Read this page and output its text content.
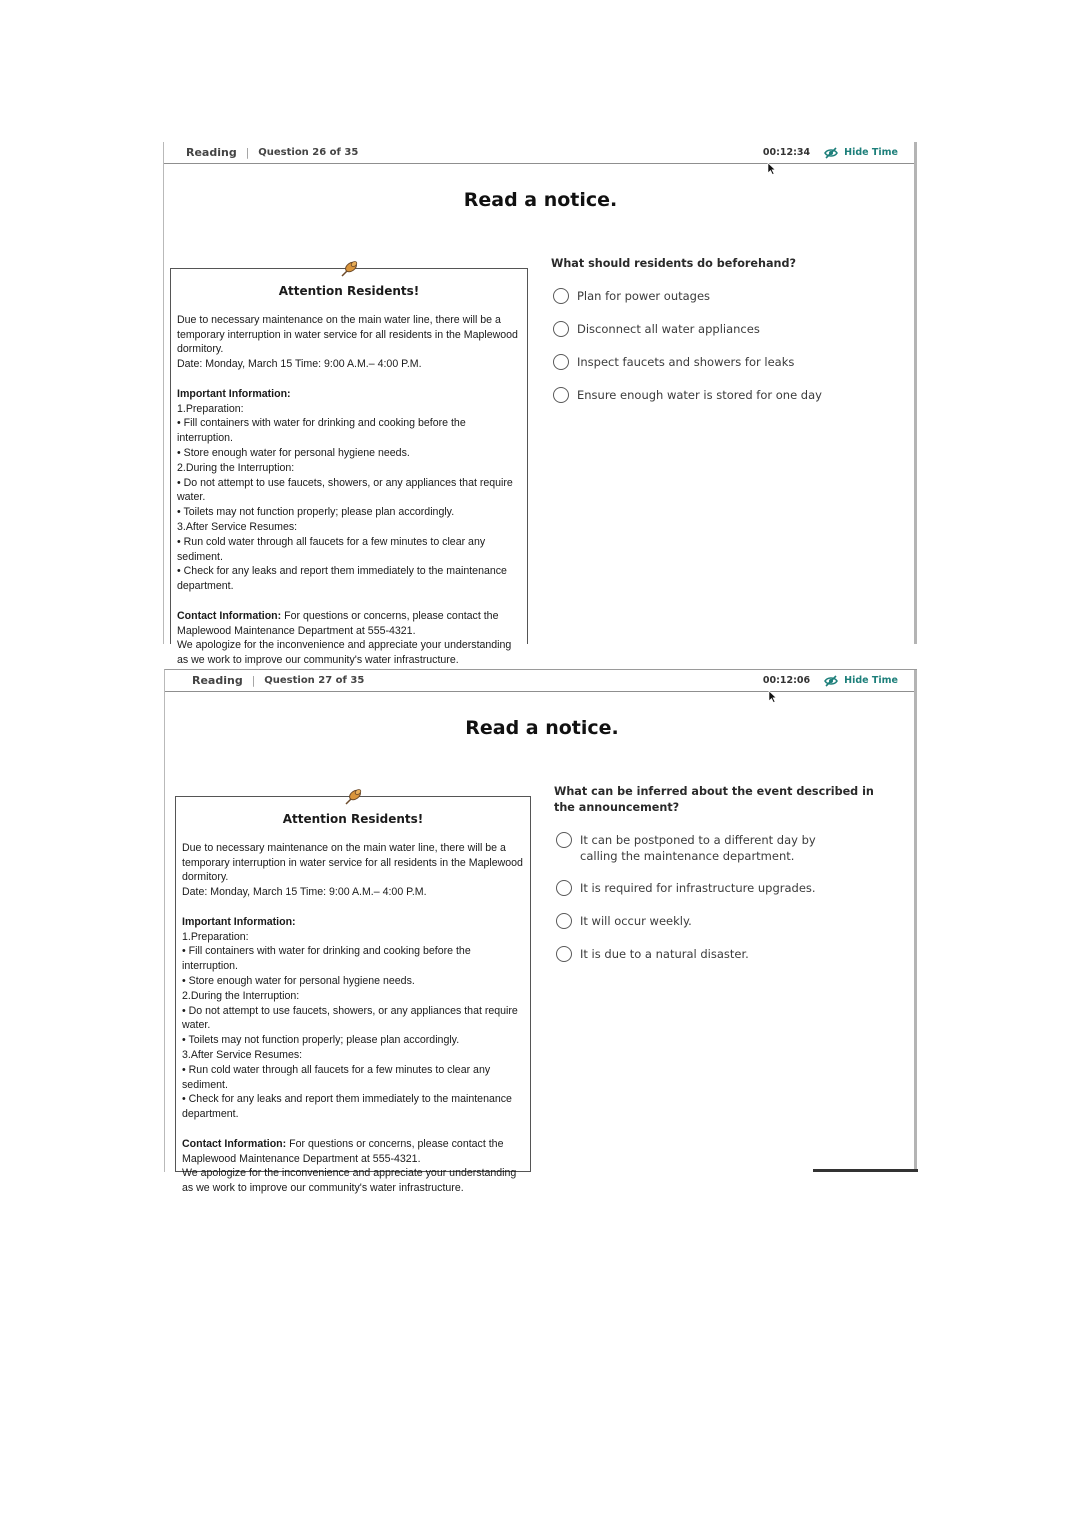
Reading | Question 26 of 35	00:12:34	Hide Time
Read a notice.
Attention Residents!

Due to necessary maintenance on the main water line, there will be a temporary interruption in water service for all residents in the Maplewood dormitory.

Date: Monday, March 15 Time: 9:00 A.M.– 4:00 P.M.

Important Information:

1.Preparation:

• Fill containers with water for drinking and cooking before the interruption.

• Store enough water for personal hygiene needs.

2.During the Interruption:

• Do not attempt to use faucets, showers, or any appliances that require water.

• Toilets may not function properly; please plan accordingly.

3.After Service Resumes:

• Run cold water through all faucets for a few minutes to clear any sediment.

• Check for any leaks and report them immediately to the maintenance department.

Contact Information: For questions or concerns, please contact the Maplewood Maintenance Department at 555-4321.

We apologize for the inconvenience and appreciate your understanding as we work to improve our community's water infrastructure.

What should residents do beforehand?
Plan for power outages
Disconnect all water appliances
Inspect faucets and showers for leaks
Ensure enough water is stored for one day
Reading | Question 27 of 35	00:12:06	Hide Time
Read a notice.
Attention Residents!

Due to necessary maintenance on the main water line, there will be a temporary interruption in water service for all residents in the Maplewood dormitory.

Date: Monday, March 15 Time: 9:00 A.M.– 4:00 P.M.

Important Information:

1.Preparation:

• Fill containers with water for drinking and cooking before the interruption.

• Store enough water for personal hygiene needs.

2.During the Interruption:

• Do not attempt to use faucets, showers, or any appliances that require water.

• Toilets may not function properly; please plan accordingly.

3.After Service Resumes:

• Run cold water through all faucets for a few minutes to clear any sediment.

• Check for any leaks and report them immediately to the maintenance department.

Contact Information: For questions or concerns, please contact the Maplewood Maintenance Department at 555-4321.

We apologize for the inconvenience and appreciate your understanding as we work to improve our community's water infrastructure.

What can be inferred about the event described in the announcement?
It can be postponed to a different day by calling the maintenance department.
It is required for infrastructure upgrades.
It will occur weekly.
It is due to a natural disaster.
